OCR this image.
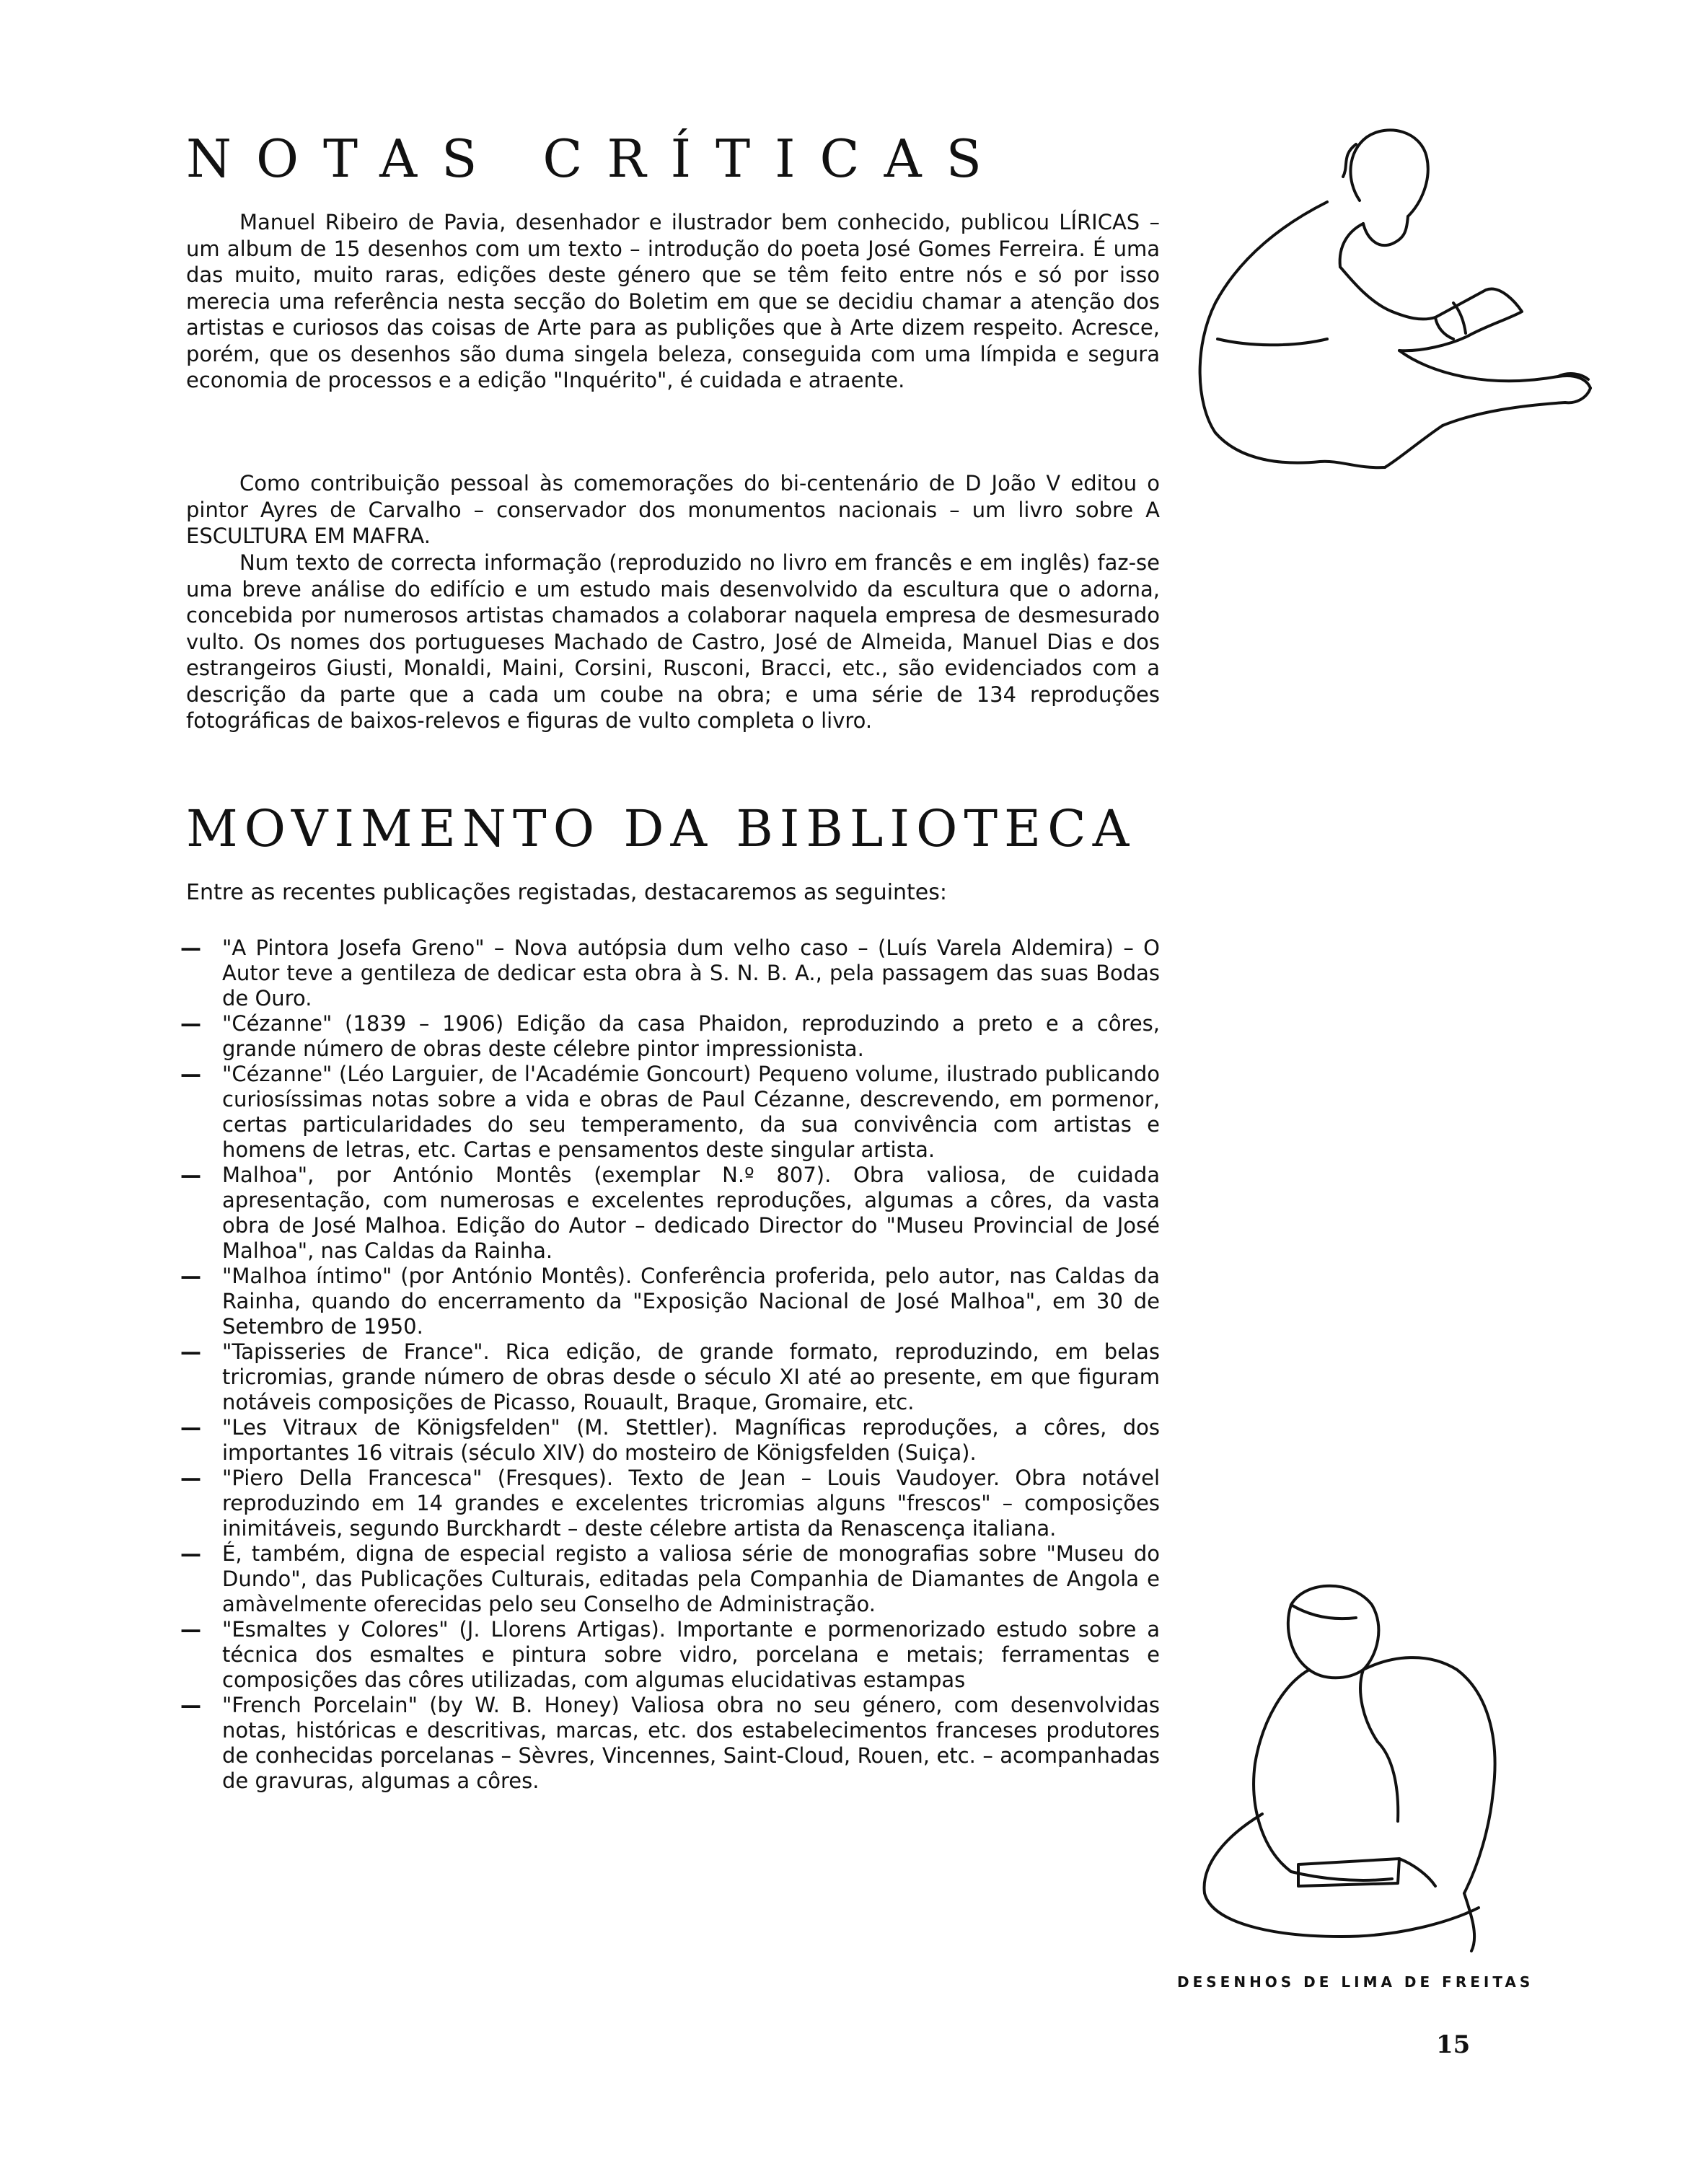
NOTAS CRÍTICAS

Manuel Ribeiro de Pavia, desenhador e ilustrador bem conhecido, publicou LÍRICAS – um album de 15 desenhos com um texto – introdução do poeta José Gomes Ferreira. É uma das muito, muito raras, edições deste género que se têm feito entre nós e só por isso merecia uma referência nesta secção do Boletim em que se decidiu chamar a atenção dos artistas e curiosos das coisas de Arte para as publições que à Arte dizem respeito. Acresce, porém, que os desenhos são duma singela beleza, conseguida com uma límpida e segura economia de processos e a edição "Inquérito", é cuidada e atraente.

Como contribuição pessoal às comemorações do bi-centenário de D João V editou o pintor Ayres de Carvalho – conservador dos monumentos nacionais – um livro sobre A ESCULTURA EM MAFRA.

Num texto de correcta informação (reproduzido no livro em francês e em inglês) faz-se uma breve análise do edifício e um estudo mais desenvolvido da escultura que o adorna, concebida por numerosos artistas chamados a colaborar naquela empresa de desmesurado vulto. Os nomes dos portugueses Machado de Castro, José de Almeida, Manuel Dias e dos estrangeiros Giusti, Monaldi, Maini, Corsini, Rusconi, Bracci, etc., são evidenciados com a descrição da parte que a cada um coube na obra; e uma série de 134 reproduções fotográficas de baixos-relevos e figuras de vulto completa o livro.

MOVIMENTO DA BIBLIOTECA

Entre as recentes publicações registadas, destacaremos as seguintes:

— "A Pintora Josefa Greno" – Nova autópsia dum velho caso – (Luís Varela Aldemira) – O Autor teve a gentileza de dedicar esta obra à S. N. B. A., pela passagem das suas Bodas de Ouro.
— "Cézanne" (1839 – 1906) Edição da casa Phaidon, reproduzindo a preto e a côres, grande número de obras deste célebre pintor impressionista.
— "Cézanne" (Léo Larguier, de l'Académie Goncourt) Pequeno volume, ilustrado publicando curiosíssimas notas sobre a vida e obras de Paul Cézanne, descrevendo, em pormenor, certas particularidades do seu temperamento, da sua convivência com artistas e homens de letras, etc. Cartas e pensamentos deste singular artista.
— Malhoa", por António Montês (exemplar N.º 807). Obra valiosa, de cuidada apresentação, com numerosas e excelentes reproduções, algumas a côres, da vasta obra de José Malhoa. Edição do Autor – dedicado Director do "Museu Provincial de José Malhoa", nas Caldas da Rainha.
— "Malhoa íntimo" (por António Montês). Conferência proferida, pelo autor, nas Caldas da Rainha, quando do encerramento da "Exposição Nacional de José Malhoa", em 30 de Setembro de 1950.
— "Tapisseries de France". Rica edição, de grande formato, reproduzindo, em belas tricromias, grande número de obras desde o século XI até ao presente, em que figuram notáveis composições de Picasso, Rouault, Braque, Gromaire, etc.
— "Les Vitraux de Königsfelden" (M. Stettler). Magníficas reproduções, a côres, dos importantes 16 vitrais (século XIV) do mosteiro de Königsfelden (Suiça).
— "Piero Della Francesca" (Fresques). Texto de Jean – Louis Vaudoyer. Obra notável reproduzindo em 14 grandes e excelentes tricromias alguns "frescos" – composições inimitáveis, segundo Burckhardt – deste célebre artista da Renascença italiana.
— É, também, digna de especial registo a valiosa série de monografias sobre "Museu do Dundo", das Publicações Culturais, editadas pela Companhia de Diamantes de Angola e amàvelmente oferecidas pelo seu Conselho de Administração.
— "Esmaltes y Colores" (J. Llorens Artigas). Importante e pormenorizado estudo sobre a técnica dos esmaltes e pintura sobre vidro, porcelana e metais; ferramentas e composições das côres utilizadas, com algumas elucidativas estampas
— "French Porcelain" (by W. B. Honey) Valiosa obra no seu género, com desenvolvidas notas, históricas e descritivas, marcas, etc. dos estabelecimentos franceses produtores de conhecidas porcelanas – Sèvres, Vincennes, Saint-Cloud, Rouen, etc. – acompanhadas de gravuras, algumas a côres.

DESENHOS DE LIMA DE FREITAS

15
